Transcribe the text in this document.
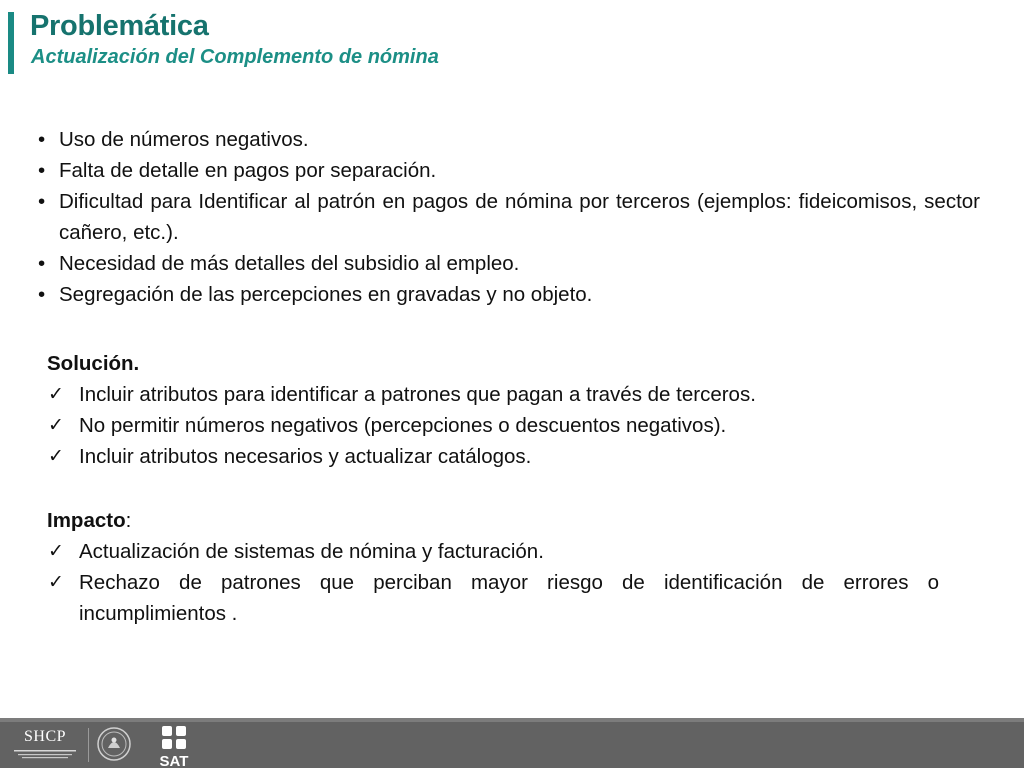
Problemática
Actualización del Complemento de nómina
• Uso de números negativos.
• Falta de detalle en pagos por separación.
• Dificultad para Identificar al patrón en pagos de nómina por terceros (ejemplos: fideicomisos, sector cañero, etc.).
• Necesidad de más detalles del subsidio al empleo.
• Segregación de las percepciones en gravadas y no objeto.
Solución.
✓ Incluir atributos para identificar a patrones que pagan a través de terceros.
✓ No permitir números negativos (percepciones o descuentos negativos).
✓ Incluir atributos necesarios y actualizar catálogos.
Impacto:
✓ Actualización de sistemas de nómina y facturación.
✓ Rechazo de patrones que perciban mayor riesgo de identificación de errores o incumplimientos .
SHCP
SAT
